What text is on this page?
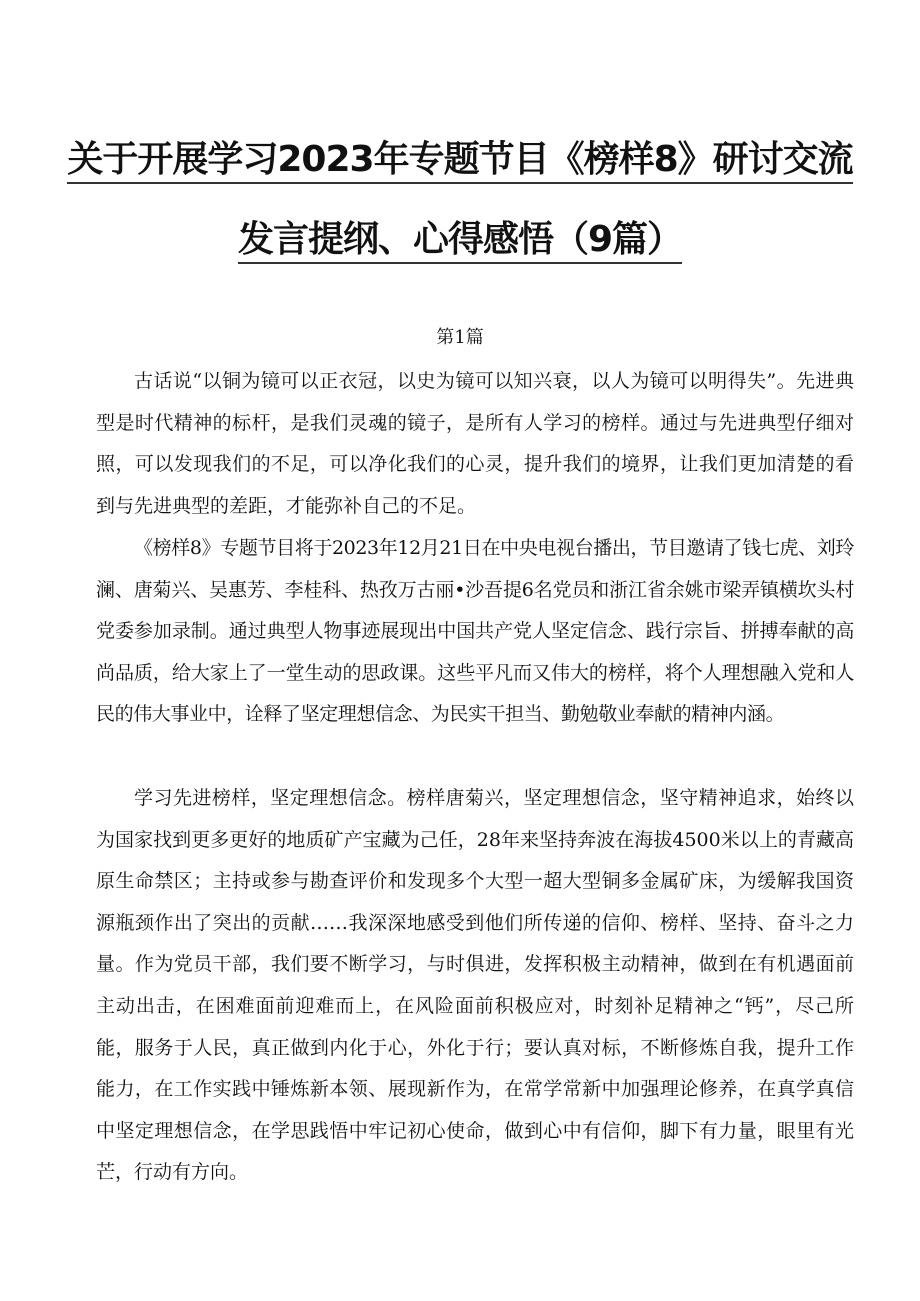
关于开展学习2023年专题节目《榜样8》研讨交流
发言提纲、心得感悟（9篇）
第1篇

古话说“以铜为镜可以正衣冠，以史为镜可以知兴衰，以人为镜可以明得失”。先进典型是时代精神的标杆，是我们灵魂的镜子，是所有人学习的榜样。通过与先进典型仔细对照，可以发现我们的不足，可以净化我们的心灵，提升我们的境界，让我们更加清楚的看到与先进典型的差距，才能弥补自己的不足。

《榜样8》专题节目将于2023年12月21日在中央电视台播出，节目邀请了钱七虎、刘玲澜、唐菊兴、吴惠芳、李桂科、热孜万古丽•沙吾提6名党员和浙江省余姚市梁弄镇横坎头村党委参加录制。通过典型人物事迹展现出中国共产党人坚定信念、践行宗旨、拼搏奉献的高尚品质，给大家上了一堂生动的思政课。这些平凡而又伟大的榜样，将个人理想融入党和人民的伟大事业中，诠释了坚定理想信念、为民实干担当、勤勉敬业奉献的精神内涵。

学习先进榜样，坚定理想信念。榜样唐菊兴，坚定理想信念，坚守精神追求，始终以为国家找到更多更好的地质矿产宝藏为己任，28年来坚持奔波在海拔4500米以上的青藏高原生命禁区；主持或参与勘查评价和发现多个大型一超大型铜多金属矿床，为缓解我国资源瓶颈作出了突出的贡献……我深深地感受到他们所传递的信仰、榜样、坚持、奋斗之力量。作为党员干部，我们要不断学习，与时俱进，发挥积极主动精神，做到在有机遇面前主动出击，在困难面前迎难而上，在风险面前积极应对，时刻补足精神之“钙”，尽己所能，服务于人民，真正做到内化于心，外化于行；要认真对标，不断修炼自我，提升工作能力，在工作实践中锤炼新本领、展现新作为，在常学常新中加强理论修养，在真学真信中坚定理想信念，在学思践悟中牢记初心使命，做到心中有信仰，脚下有力量，眼里有光芒，行动有方向。
